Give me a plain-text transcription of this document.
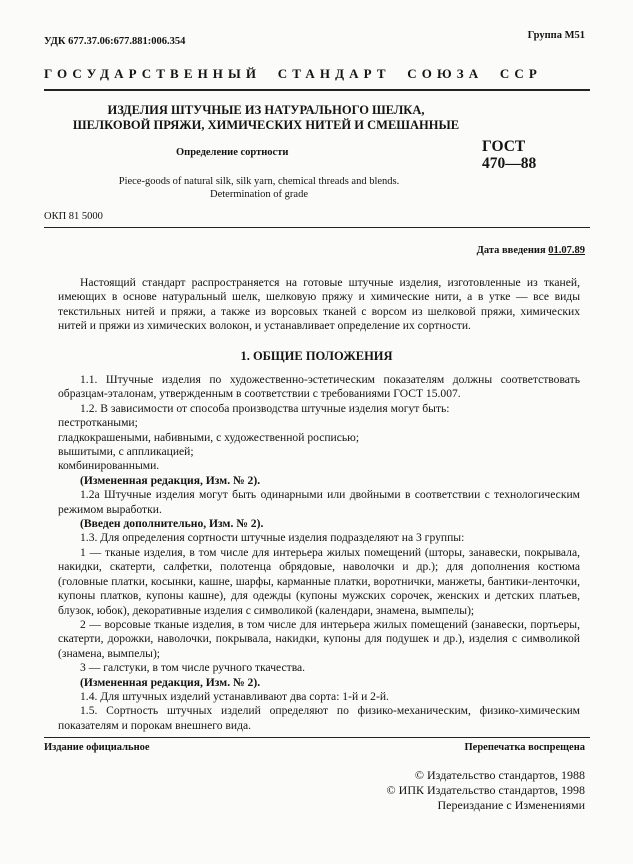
УДК 677.37.06:677.881:006.354
Группа М51
ГОСУДАРСТВЕННЫЙ  СТАНДАРТ  СОЮЗА  ССР
ИЗДЕЛИЯ ШТУЧНЫЕ ИЗ НАТУРАЛЬНОГО ШЕЛКА,
ШЕЛКОВОЙ ПРЯЖИ, ХИМИЧЕСКИХ НИТЕЙ И СМЕШАННЫЕ
Определение сортности
Piece-goods of natural silk, silk yarn, chemical threads and blends.
Determination of grade
ГОСТ
470—88
ОКП 81 5000
Дата введения 01.07.89

Настоящий стандарт распространяется на готовые штучные изделия, изготовленные из тканей, имеющих в основе натуральный шелк, шелковую пряжу и химические нити, а в утке — все виды текстильных нитей и пряжи, а также из ворсовых тканей с ворсом из шелковой пряжи, химических нитей и пряжи из химических волокон, и устанавливает определение их сортности.

1. ОБЩИЕ ПОЛОЖЕНИЯ

1.1. Штучные изделия по художественно-эстетическим показателям должны соответствовать образцам-эталонам, утвержденным в соответствии с требованиями ГОСТ 15.007.

1.2. В зависимости от способа производства штучные изделия могут быть:

пестроткаными;

гладкокрашеными, набивными, с художественной росписью;

вышитыми, с аппликацией;

комбинированными.

(Измененная редакция, Изм. № 2).

1.2а Штучные изделия могут быть одинарными или двойными в соответствии с технологическим режимом выработки.

(Введен дополнительно, Изм. № 2).

1.3. Для определения сортности штучные изделия подразделяют на 3 группы:

1 — тканые изделия, в том числе для интерьера жилых помещений (шторы, занавески, покрывала, накидки, скатерти, салфетки, полотенца обрядовые, наволочки и др.); для дополнения костюма (головные платки, косынки, кашне, шарфы, карманные платки, воротнички, манжеты, бантики-ленточки, купоны платков, купоны кашне), для одежды (купоны мужских сорочек, женских и детских платьев, блузок, юбок), декоративные изделия с символикой (календари, знамена, вымпелы);

2 — ворсовые тканые изделия, в том числе для интерьера жилых помещений (занавески, портьеры, скатерти, дорожки, наволочки, покрывала, накидки, купоны для подушек и др.), изделия с символикой (знамена, вымпелы);

3 — галстуки, в том числе ручного ткачества.

(Измененная редакция, Изм. № 2).

1.4. Для штучных изделий устанавливают два сорта: 1-й и 2-й.

1.5. Сортность штучных изделий определяют по физико-механическим, физико-химическим показателям и порокам внешнего вида.

Издание официальное	Перепечатка воспрещена
© Издательство стандартов, 1988
© ИПК Издательство стандартов, 1998
Переиздание с Изменениями
